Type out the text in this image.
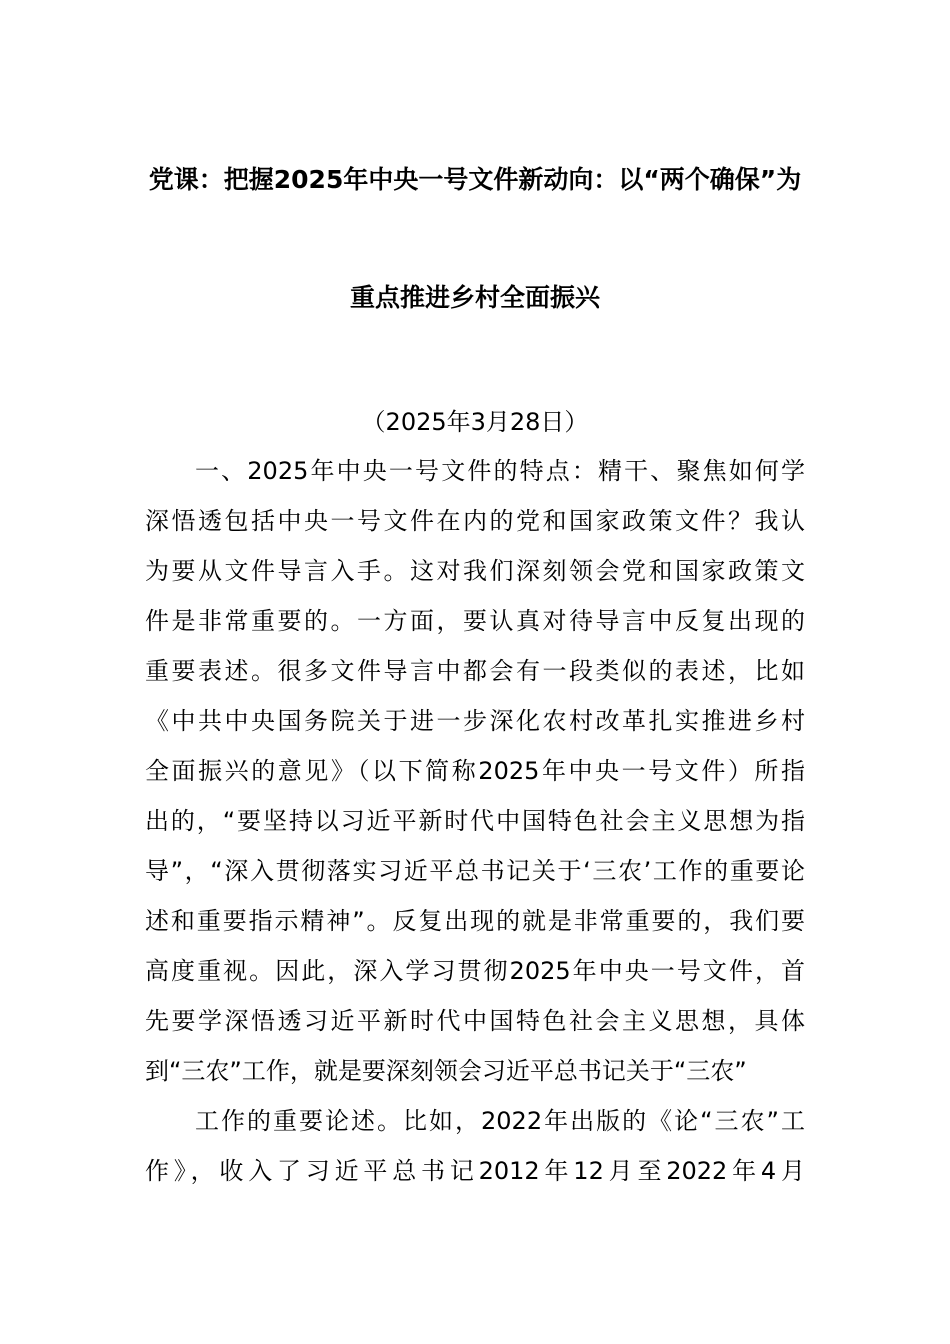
党课：把握2025年中央一号文件新动向：以“两个确保”为
重点推进乡村全面振兴
（2025年3月28日）
一、2025年中央一号文件的特点：精干、聚焦如何学
深悟透包括中央一号文件在内的党和国家政策文件？我认
为要从文件导言入手。这对我们深刻领会党和国家政策文
件是非常重要的。一方面，要认真对待导言中反复出现的
重要表述。很多文件导言中都会有一段类似的表述，比如
《中共中央国务院关于进一步深化农村改革扎实推进乡村
全面振兴的意见》（以下简称2025年中央一号文件）所指
出的，“要坚持以习近平新时代中国特色社会主义思想为指
导”，“深入贯彻落实习近平总书记关于‘三农’工作的重要论
述和重要指示精神”。反复出现的就是非常重要的，我们要
高度重视。因此，深入学习贯彻2025年中央一号文件，首
先要学深悟透习近平新时代中国特色社会主义思想，具体
到“三农”工作，就是要深刻领会习近平总书记关于“三农”
工作的重要论述。比如，2022年出版的《论“三农”工
作》，收入了习近平总书记2012年12月至2022年4月
